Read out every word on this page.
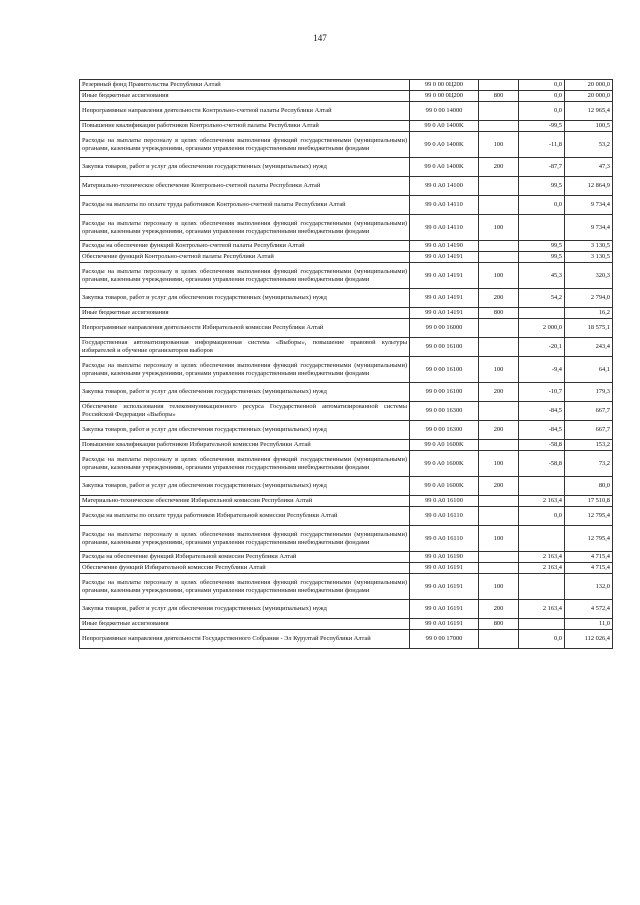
147
Резервный фонд Правительства Республики Алтай	99 0 00 0Ц200		0,0	20 000,0
Иные бюджетные ассигнования	99 0 00 0Ц200	800	0,0	20 000,0
Непрограммные направления деятельности Контрольно-счетной палаты Республики Алтай	99 0 00 14000		0,0	12 965,4
Повышение квалификации работников Контрольно-счетной палаты Республики Алтай	99 0 A0 1400K		-99,5	100,5
Расходы на выплаты персоналу в целях обеспечения выполнения функций государственными (муниципальными) органами, казенными учреждениями, органами управления государственными внебюджетными фондами	99 0 A0 1400K	100	-11,8	53,2
Закупка товаров, работ и услуг для обеспечения государственных (муниципальных) нужд	99 0 A0 1400K	200	-87,7	47,3
Материально-техническое обеспечение Контрольно-счетной палаты Республики Алтай	99 0 A0 14100		99,5	12 864,9
Расходы на выплаты по оплате труда работников Контрольно-счетной палаты Республики Алтай	99 0 A0 14110		0,0	9 734,4
Расходы на выплаты персоналу в целях обеспечения выполнения функций государственными (муниципальными) органами, казенными учреждениями, органами управления государственными внебюджетными фондами	99 0 A0 14110	100		9 734,4
Расходы на обеспечение функций Контрольно-счетной палаты Республики Алтай	99 0 A0 14190		99,5	3 130,5
Обеспечение функций Контрольно-счетной палаты Республики Алтай	99 0 A0 14191		99,5	3 130,5
Расходы на выплаты персоналу в целях обеспечения выполнения функций государственными (муниципальными) органами, казенными учреждениями, органами управления государственными внебюджетными фондами	99 0 A0 14191	100	45,3	320,3
Закупка товаров, работ и услуг для обеспечения государственных (муниципальных) нужд	99 0 A0 14191	200	54,2	2 794,0
Иные бюджетные ассигнования	99 0 A0 14191	800		16,2
Непрограммные направления деятельности Избирательной комиссии Республики Алтай	99 0 00 16000		2 000,0	18 575,1
Государственная автоматизированная информационная система «Выборы», повышение правовой культуры избирателей и обучение организаторов выборов	99 0 00 16100		-20,1	243,4
Расходы на выплаты персоналу в целях обеспечения выполнения функций государственными (муниципальными) органами, казенными учреждениями, органами управления государственными внебюджетными фондами	99 0 00 16100	100	-9,4	64,1
Закупка товаров, работ и услуг для обеспечения государственных (муниципальных) нужд	99 0 00 16100	200	-10,7	179,3
Обеспечение использования телекоммуникационного ресурса Государственной автоматизированной системы Российской Федерации «Выборы»	99 0 00 16300		-84,5	667,7
Закупка товаров, работ и услуг для обеспечения государственных (муниципальных) нужд	99 0 00 16300	200	-84,5	667,7
Повышение квалификации работников Избирательной комиссии Республики Алтай	99 0 A0 1600K		-58,8	153,2
Расходы на выплаты персоналу в целях обеспечения выполнения функций государственными (муниципальными) органами, казенными учреждениями, органами управления государственными внебюджетными фондами	99 0 A0 1600K	100	-58,8	73,2
Закупка товаров, работ и услуг для обеспечения государственных (муниципальных) нужд	99 0 A0 1600K	200		80,0
Материально-техническое обеспечение Избирательной комиссии Республики Алтай	99 0 A0 16100		2 163,4	17 510,8
Расходы на выплаты по оплате труда работников Избирательной комиссии Республики Алтай	99 0 A0 16110		0,0	12 795,4
Расходы на выплаты персоналу в целях обеспечения выполнения функций государственными (муниципальными) органами, казенными учреждениями, органами управления государственными внебюджетными фондами	99 0 A0 16110	100		12 795,4
Расходы на обеспечение функций Избирательной комиссии Республики Алтай	99 0 A0 16190		2 163,4	4 715,4
Обеспечение функций Избирательной комиссии Республики Алтай	99 0 A0 16191		2 163,4	4 715,4
Расходы на выплаты персоналу в целях обеспечения выполнения функций государственными (муниципальными) органами, казенными учреждениями, органами управления государственными внебюджетными фондами	99 0 A0 16191	100		132,0
Закупка товаров, работ и услуг для обеспечения государственных (муниципальных) нужд	99 0 A0 16191	200	2 163,4	4 572,4
Иные бюджетные ассигнования	99 0 A0 16191	800		11,0
Непрограммные направления деятельности Государственного Собрания - Эл Курултай Республики Алтай	99 0 00 17000		0,0	112 026,4
